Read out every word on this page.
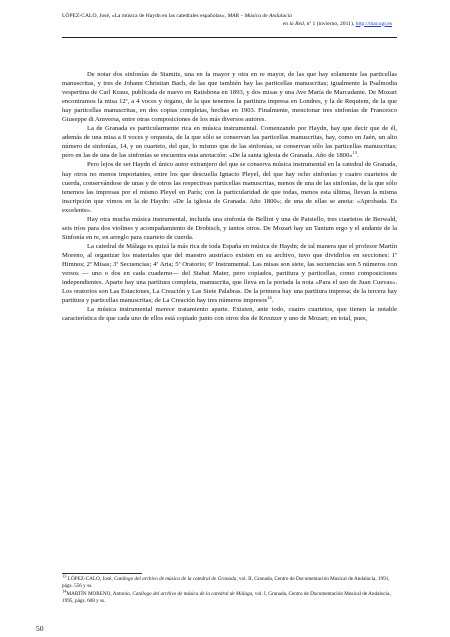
LÓPEZ-CALO, José, «La música de Haydn en las catedrales españolas», MAR – Música de Andalucía
en la Red, nº 1 (invierno, 2011), http://mar.ugr.es

De notar dos sinfonías de Stamitz, una en fa mayor y otra en re mayor, de las que hay solamente las particellas manuscritas, y tres de Johann Christian Bach, de las que también hay las particellas manuscritas; igualmente la Psalmodia vespertina de Carl Kraus, publicada de nuevo en Ratisbona en 1893, y dos misas y una Ave María de Marcadante. De Mozart encontramos la misa 12ª, a 4 voces y órgano, de la que tenemos la partitura impresa en Londres, y la de Requiem, de la que hay particellas manuscritas, en dos copias completas, hechas en 1903. Finalmente, mencionar tres sinfonías de Francesco Giuseppe di Amversa, entre otras composiciones de los más diversos autores.

La de Granada es particularmente rica en música instrumental. Comenzando por Haydn, hay que decir que de él, además de una misa a 8 voces y orquesta, de la que sólo se conservan las particellas manuscritas, hay, como en Jaén, un alto número de sinfonías, 14, y un cuarteto, del que, lo mismo que de las sinfonías, se conservan sólo las particellas manuscritas; pero en las de una de las sinfonías se encuentra esta anotación: «De la santa iglesia de Granada. Año de 1800»$^{13}$.

Pero lejos de ser Haydn el único autor extranjero del que se conserva música instrumental en la catedral de Granada, hay otros no menos importantes, entre los que descuella Ignacio Pleyel, del que hay ocho sinfonías y cuatro cuartetos de cuerda, conservándose de unas y de otros las respectivas particellas manuscritas, menos de una de las sinfonías, de la que sólo tenemos las impresas por el mismo Pleyel en París; con la particularidad de que todas, menos esta última, llevan la misma inscripción que vimos en la de Haydn: «De la iglesia de Granada. Año 1800»; de una de ellas se anota: «Aprobada. Es excelente».

Hay otra mucha música instrumental, incluida una sinfonía de Bellini y una de Paisiello, tres cuartetos de Berwald, seis tríos para dos violines y acompañamiento de Drobisch, y tantos otros. De Mozart hay un Tantum ergo y el andante de la Sinfonía en re, en arreglo para cuarteto de cuerda.

La catedral de Málaga es quizá la más rica de toda España en música de Haydn; de tal manera que el profesor Martín Moreno, al organizar los materiales que del maestro austríaco existen en su archivo, tuvo que dividirlos en secciones: 1ª Himnos; 2ª Misas; 3ª Secuencias; 4ª Aria; 5ª Oratorio; 6ª Instrumental. Las misas son siete, las secuencias son 5 números con versos — uno o dos en cada cuaderno— del Stabat Mater, pero copiados, partitura y particellas, como composiciones independientes. Aparte hay una partitura completa, manuscrita, que lleva en la portada la nota «Para el uso de Juan Cuevas». Los oratorios son Las Estaciones, La Creación y Las Siete Palabras. De la primera hay una partitura impresa; de la tercera hay partitura y particellas manuscritas; de La Creación hay tres números impresos$^{14}$.

La música instrumental merece tratamiento aparte. Existen, ante todo, cuatro cuartetos, que tienen la notable característica de que cada uno de ellos está copiado junto con otros dos de Kreutzer y uno de Mozart; en total, pues,

$^{13}$ LÓPEZ-CALO, José, Catálogo del archivo de música de la catedral de Granada, vol. II, Granada, Centro de Documentación Musical de Andalucía, 1991, págs. 556 y ss.

$^{14}$MARTÍN MORENO, Antonio, Catálogo del archivo de música de la catedral de Málaga, vol. I, Granada, Centro de Documentación Musical de Andalucía, 1995, págs. 608 y ss.

50
